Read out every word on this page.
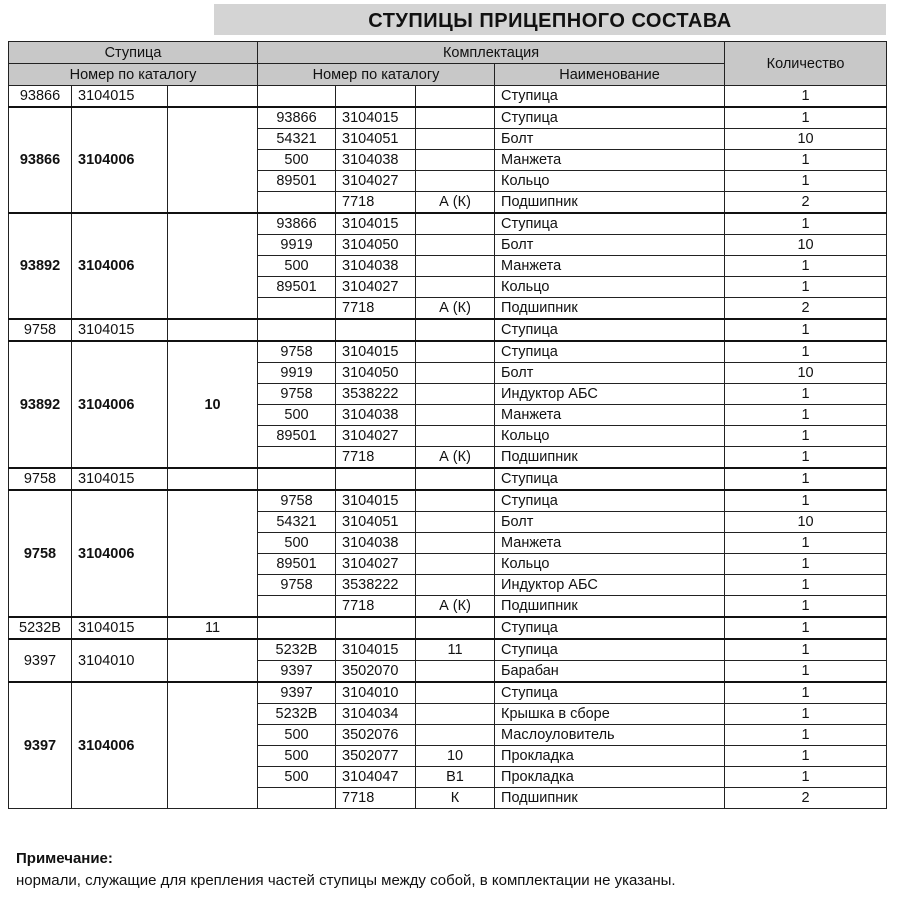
СТУПИЦЫ ПРИЦЕПНОГО СОСТАВА
Ступица			Комплектация				Количество
Номер по каталогу			Номер по каталогу			Наименование	
93866	3104015					Ступица	1
93866	3104006		93866	3104015		Ступица	1
			54321	3104051		Болт	10
			500	3104038		Манжета	1
			89501	3104027		Кольцо	1
				7718	А (К)	Подшипник	2
93892	3104006		93866	3104015		Ступица	1
			9919	3104050		Болт	10
			500	3104038		Манжета	1
			89501	3104027		Кольцо	1
				7718	А (К)	Подшипник	2
9758	3104015					Ступица	1
93892	3104006	10	9758	3104015		Ступица	1
			9919	3104050		Болт	10
			9758	3538222		Индуктор АБС	1
			500	3104038		Манжета	1
			89501	3104027		Кольцо	1
				7718	А (К)	Подшипник	1
9758	3104015					Ступица	1
9758	3104006		9758	3104015		Ступица	1
			54321	3104051		Болт	10
			500	3104038		Манжета	1
			89501	3104027		Кольцо	1
			9758	3538222		Индуктор АБС	1
				7718	А (К)	Подшипник	1
5232В	3104015	11				Ступица	1
9397	3104010		5232В	3104015	11	Ступица	1
			9397	3502070		Барабан	1
9397	3104006		9397	3104010		Ступица	1
			5232В	3104034		Крышка в сборе	1
			500	3502076		Маслоуловитель	1
			500	3502077	10	Прокладка	1
			500	3104047	В1	Прокладка	1
				7718	К	Подшипник	2
Примечание:
нормали, служащие для крепления частей ступицы между собой, в комплектации не указаны.
